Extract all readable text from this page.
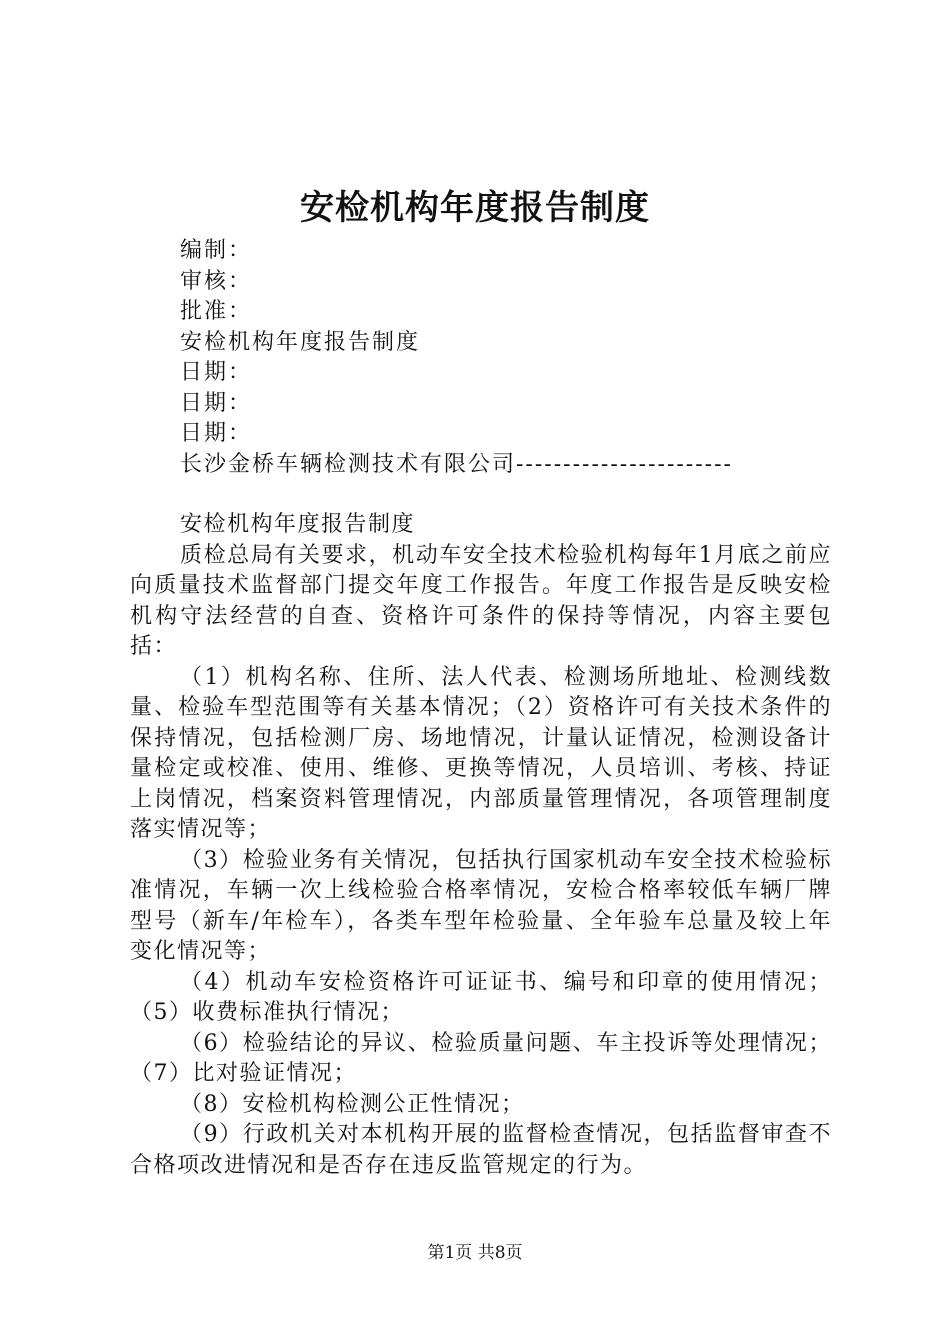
安检机构年度报告制度
编制：
审核：
批准：
安检机构年度报告制度
日期：
日期：
日期：
长沙金桥车辆检测技术有限公司-----------------------

安检机构年度报告制度

质检总局有关要求，机动车安全技术检验机构每年1月底之前应向质量技术监督部门提交年度工作报告。年度工作报告是反映安检机构守法经营的自查、资格许可条件的保持等情况，内容主要包括：

（1）机构名称、住所、法人代表、检测场所地址、检测线数量、检验车型范围等有关基本情况；（2）资格许可有关技术条件的保持情况，包括检测厂房、场地情况，计量认证情况，检测设备计量检定或校准、使用、维修、更换等情况，人员培训、考核、持证上岗情况，档案资料管理情况，内部质量管理情况，各项管理制度落实情况等；

（3）检验业务有关情况，包括执行国家机动车安全技术检验标准情况，车辆一次上线检验合格率情况，安检合格率较低车辆厂牌型号（新车/年检车），各类车型年检验量、全年验车总量及较上年变化情况等；

（4）机动车安检资格许可证证书、编号和印章的使用情况；（5）收费标准执行情况；

（6）检验结论的异议、检验质量问题、车主投诉等处理情况；（7）比对验证情况；

（8）安检机构检测公正性情况；

（9）行政机关对本机构开展的监督检查情况，包括监督审查不合格项改进情况和是否存在违反监管规定的行为。

第1页 共8页
